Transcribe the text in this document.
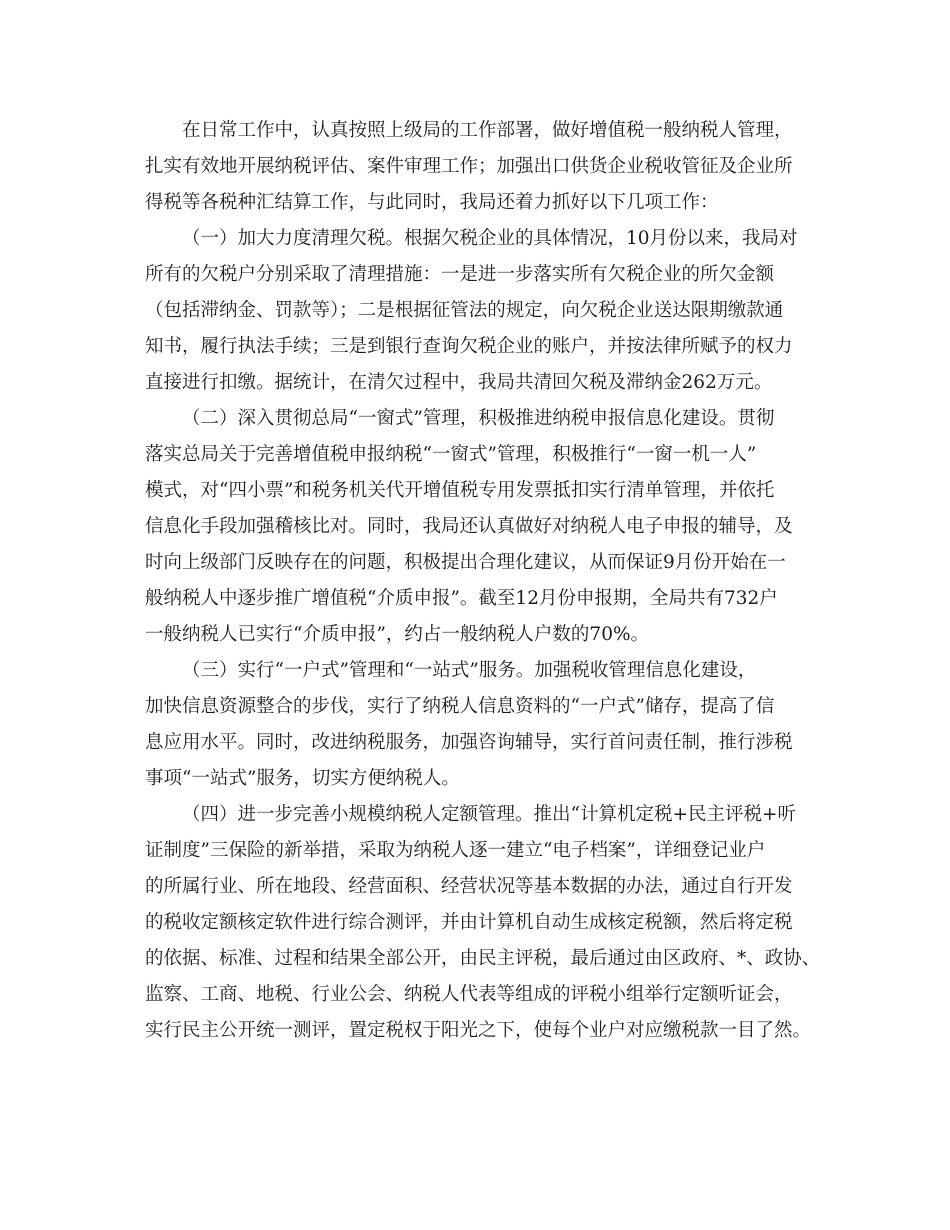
在日常工作中，认真按照上级局的工作部署，做好增值税一般纳税人管理，
扎实有效地开展纳税评估、案件审理工作；加强出口供货企业税收管征及企业所
得税等各税种汇结算工作，与此同时，我局还着力抓好以下几项工作：
（一）加大力度清理欠税。根据欠税企业的具体情况，10月份以来，我局对
所有的欠税户分别采取了清理措施：一是进一步落实所有欠税企业的所欠金额
（包括滞纳金、罚款等）；二是根据征管法的规定，向欠税企业送达限期缴款通
知书，履行执法手续；三是到银行查询欠税企业的账户，并按法律所赋予的权力
直接进行扣缴。据统计，在清欠过程中，我局共清回欠税及滞纳金262万元。
（二）深入贯彻总局“一窗式”管理，积极推进纳税申报信息化建设。贯彻
落实总局关于完善增值税申报纳税“一窗式”管理，积极推行“一窗一机一人”
模式，对“四小票”和税务机关代开增值税专用发票抵扣实行清单管理，并依托
信息化手段加强稽核比对。同时，我局还认真做好对纳税人电子申报的辅导，及
时向上级部门反映存在的问题，积极提出合理化建议，从而保证9月份开始在一
般纳税人中逐步推广增值税“介质申报”。截至12月份申报期，全局共有732户
一般纳税人已实行“介质申报”，约占一般纳税人户数的70%。
（三）实行“一户式”管理和“一站式”服务。加强税收管理信息化建设，
加快信息资源整合的步伐，实行了纳税人信息资料的“一户式”储存，提高了信
息应用水平。同时，改进纳税服务，加强咨询辅导，实行首问责任制，推行涉税
事项“一站式”服务，切实方便纳税人。
（四）进一步完善小规模纳税人定额管理。推出“计算机定税+民主评税+听
证制度”三保险的新举措，采取为纳税人逐一建立“电子档案”，详细登记业户
的所属行业、所在地段、经营面积、经营状况等基本数据的办法，通过自行开发
的税收定额核定软件进行综合测评，并由计算机自动生成核定税额，然后将定税
的依据、标准、过程和结果全部公开，由民主评税，最后通过由区政府、*、政协、
监察、工商、地税、行业公会、纳税人代表等组成的评税小组举行定额听证会，
实行民主公开统一测评，置定税权于阳光之下，使每个业户对应缴税款一目了然。
